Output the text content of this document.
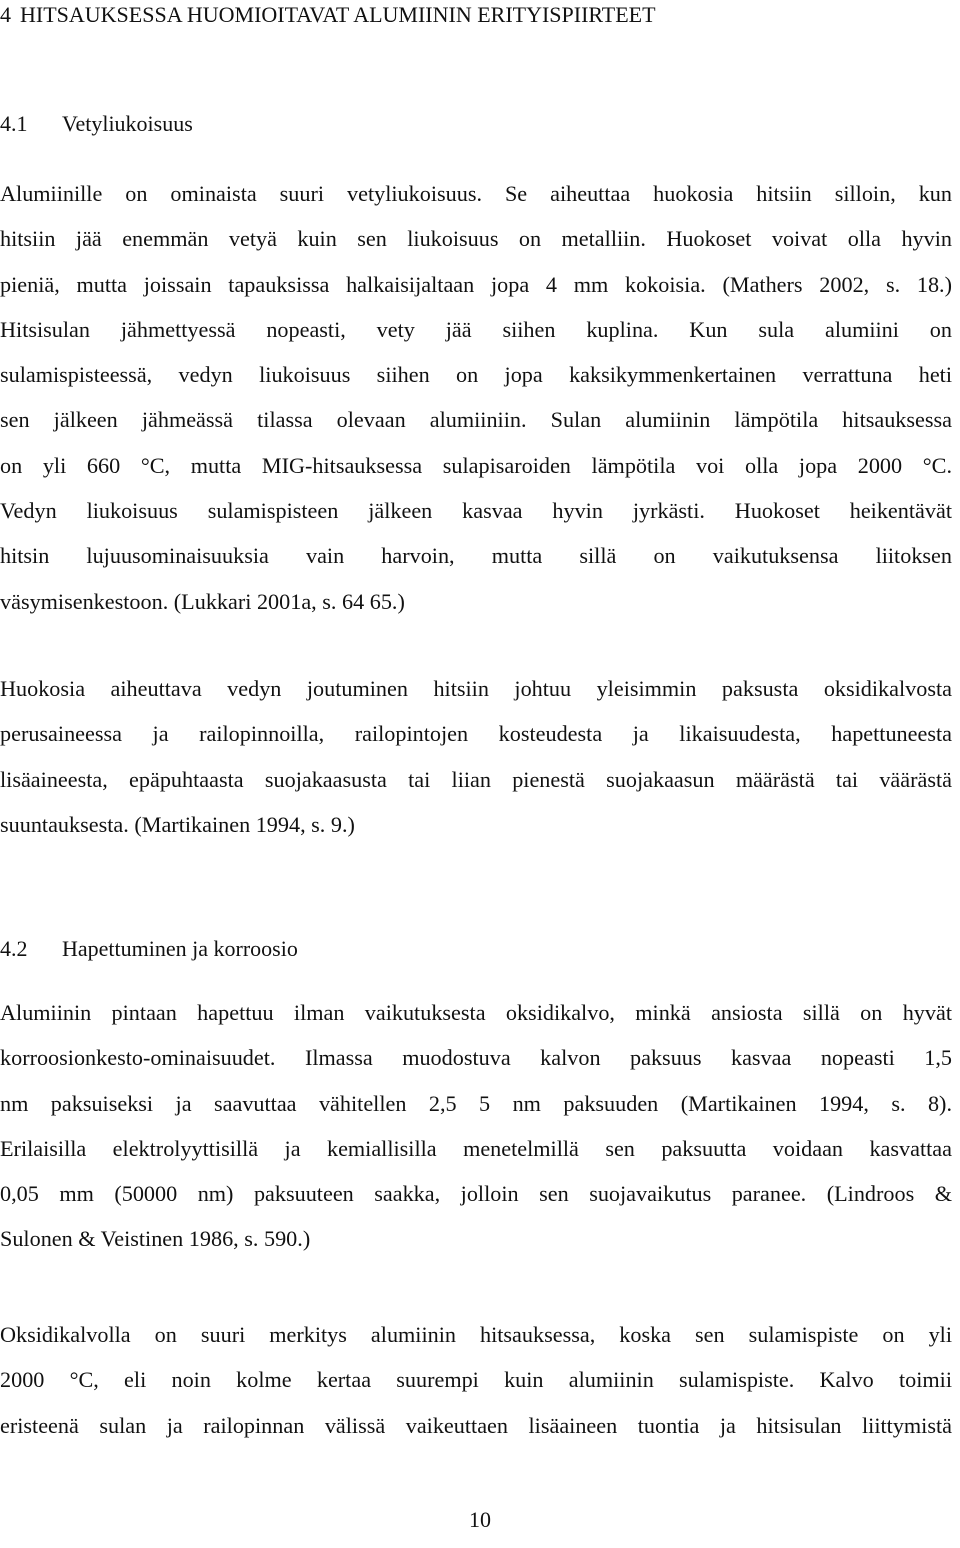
4 HITSAUKSESSA HUOMIOITAVAT ALUMIININ ERITYISPIIRTEET
4.1 Vetyliukoisuus

Alumiinille on ominaista suuri vetyliukoisuus. Se aiheuttaa huokosia hitsiin silloin, kun
hitsiin jää enemmän vetyä kuin sen liukoisuus on metalliin. Huokoset voivat olla hyvin
pieniä, mutta joissain tapauksissa halkaisijaltaan jopa 4 mm kokoisia. (Mathers 2002, s. 18.)
Hitsisulan jähmettyessä nopeasti, vety jää siihen kuplina. Kun sula alumiini on
sulamispisteessä, vedyn liukoisuus siihen on jopa kaksikymmenkertainen verrattuna heti
sen jälkeen jähmeässä tilassa olevaan alumiiniin. Sulan alumiinin lämpötila hitsauksessa
on yli 660 °C, mutta MIG-hitsauksessa sulapisaroiden lämpötila voi olla jopa 2000 °C.
Vedyn liukoisuus sulamispisteen jälkeen kasvaa hyvin jyrkästi. Huokoset heikentävät
hitsin lujuusominaisuuksia vain harvoin, mutta sillä on vaikutuksensa liitoksen
väsymisenkestoon. (Lukkari 2001a, s. 64 65.)

Huokosia aiheuttava vedyn joutuminen hitsiin johtuu yleisimmin paksusta oksidikalvosta
perusaineessa ja railopinnoilla, railopintojen kosteudesta ja likaisuudesta, hapettuneesta
lisäaineesta, epäpuhtaasta suojakaasusta tai liian pienestä suojakaasun määrästä tai väärästä
suuntauksesta. (Martikainen 1994, s. 9.)

4.2 Hapettuminen ja korroosio

Alumiinin pintaan hapettuu ilman vaikutuksesta oksidikalvo, minkä ansiosta sillä on hyvät
korroosionkesto-ominaisuudet. Ilmassa muodostuva kalvon paksuus kasvaa nopeasti 1,5
nm paksuiseksi ja saavuttaa vähitellen 2,5 5 nm paksuuden (Martikainen 1994, s. 8).
Erilaisilla elektrolyyttisillä ja kemiallisilla menetelmillä sen paksuutta voidaan kasvattaa
0,05 mm (50000 nm) paksuuteen saakka, jolloin sen suojavaikutus paranee. (Lindroos &
Sulonen & Veistinen 1986, s. 590.)

Oksidikalvolla on suuri merkitys alumiinin hitsauksessa, koska sen sulamispiste on yli
2000 °C, eli noin kolme kertaa suurempi kuin alumiinin sulamispiste. Kalvo toimii
eristeenä sulan ja railopinnan välissä vaikeuttaen lisäaineen tuontia ja hitsisulan liittymistä

10
